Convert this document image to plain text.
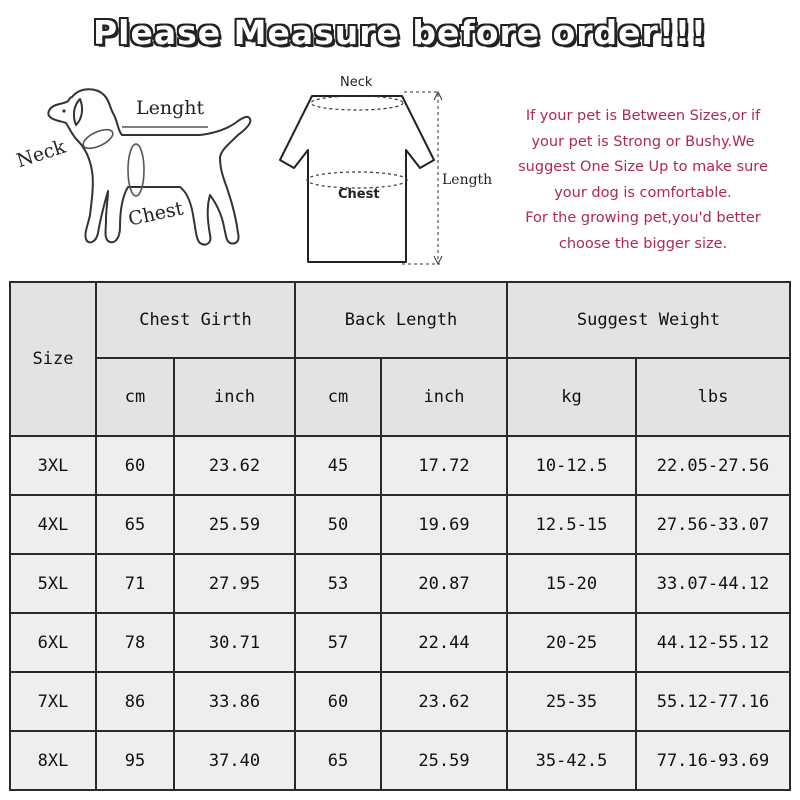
Please Measure before order!!!
Neck
Lenght
Chest
Neck
Chest
Length
If your pet is Between Sizes,or if
your pet is Strong or Bushy.We
suggest One Size Up to make sure
your dog is comfortable.
For the growing pet,you'd better
choose the bigger size.
Size	Chest Girth		Back Length		Suggest Weight	
	cm	inch	cm	inch	kg	lbs
3XL	60	23.62	45	17.72	10-12.5	22.05-27.56
4XL	65	25.59	50	19.69	12.5-15	27.56-33.07
5XL	71	27.95	53	20.87	15-20	33.07-44.12
6XL	78	30.71	57	22.44	20-25	44.12-55.12
7XL	86	33.86	60	23.62	25-35	55.12-77.16
8XL	95	37.40	65	25.59	35-42.5	77.16-93.69
